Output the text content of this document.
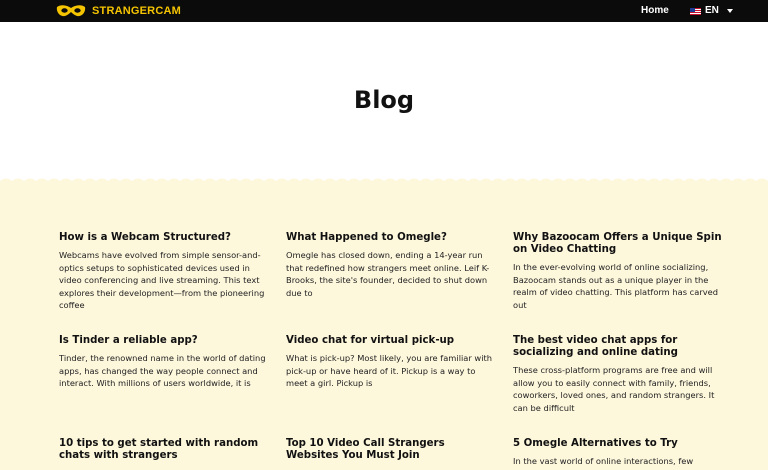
STRANGERCAM	Home	EN
Blog
How is a Webcam Structured?
Webcams have evolved from simple sensor-and-optics setups to sophisticated devices used in video conferencing and live streaming. This text explores their development—from the pioneering coffee
What Happened to Omegle?
Omegle has closed down, ending a 14-year run that redefined how strangers meet online. Leif K-Brooks, the site's founder, decided to shut down due to
Why Bazoocam Offers a Unique Spin on Video Chatting
In the ever-evolving world of online socializing, Bazoocam stands out as a unique player in the realm of video chatting. This platform has carved out
Is Tinder a reliable app?
Tinder, the renowned name in the world of dating apps, has changed the way people connect and interact. With millions of users worldwide, it is
Video chat for virtual pick-up
What is pick-up? Most likely, you are familiar with pick-up or have heard of it. Pickup is a way to meet a girl. Pickup is
The best video chat apps for socializing and online dating
These cross-platform programs are free and will allow you to easily connect with family, friends, coworkers, loved ones, and random strangers. It can be difficult
10 tips to get started with random chats with strangers
Top 10 Video Call Strangers Websites You Must Join
5 Omegle Alternatives to Try
In the vast world of online interactions, few
